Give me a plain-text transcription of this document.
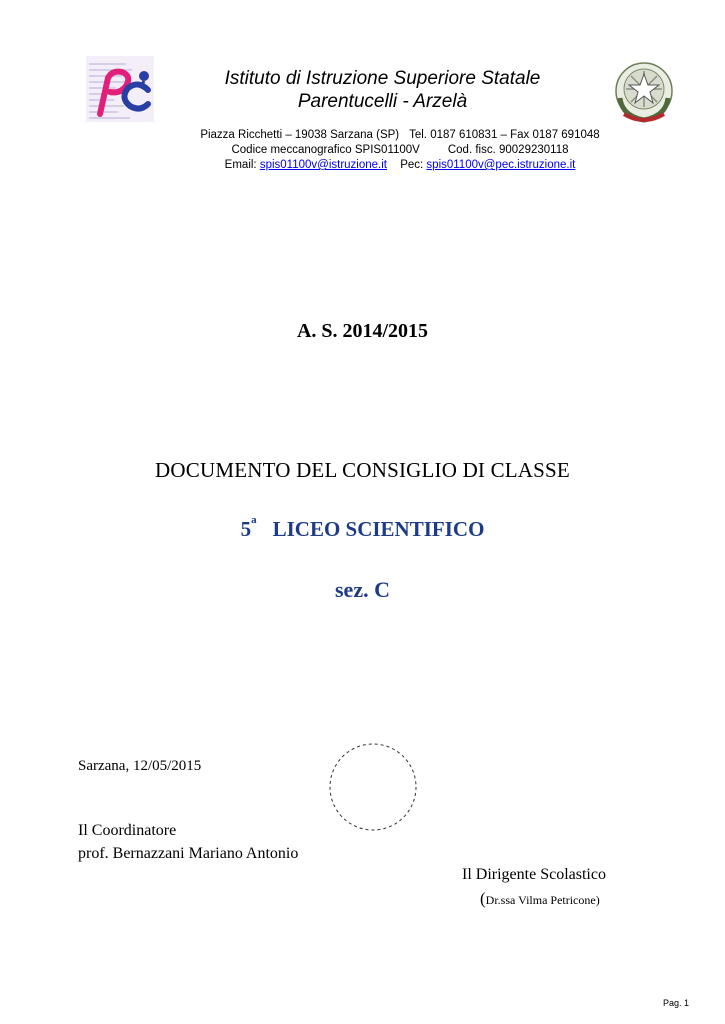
Istituto di Istruzione Superiore Statale
Parentucelli - Arzelà
Piazza Ricchetti – 19038 Sarzana (SP) Tel. 0187 610831 – Fax 0187 691048
Codice meccanografico SPIS01100V Cod. fisc. 90029230118
Email: spis01100v@istruzione.it Pec: spis01100v@pec.istruzione.it
A. S. 2014/2015
DOCUMENTO DEL CONSIGLIO DI CLASSE
5$^a$ LICEO SCIENTIFICO
sez. C
Sarzana, 12/05/2015
Il Coordinatore
prof. Bernazzani Mariano Antonio
Il Dirigente Scolastico
(Dr.ssa Vilma Petricone)
Pag. 1
